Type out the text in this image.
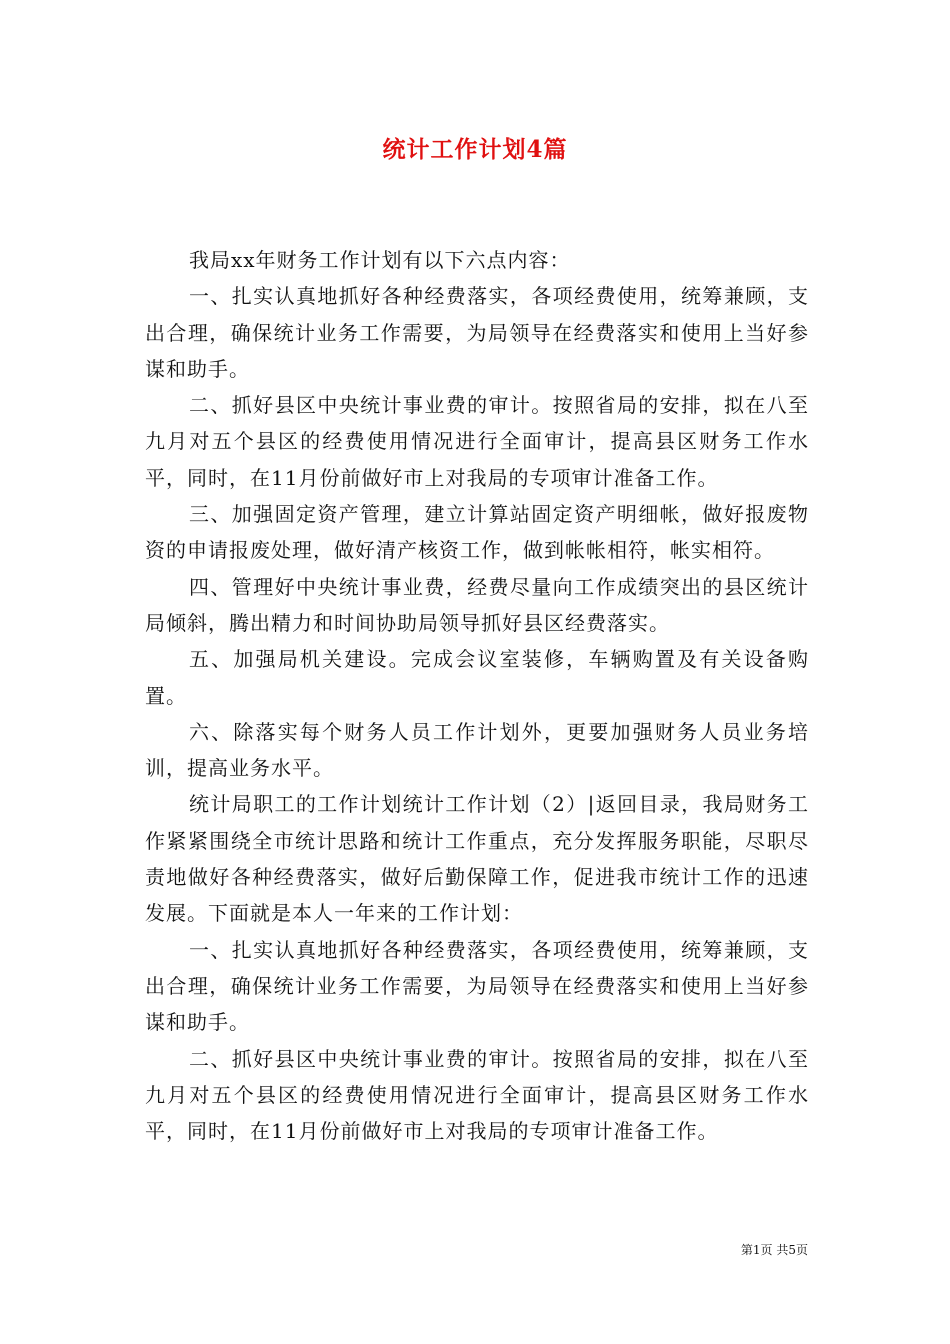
统计工作计划4篇

我局xx年财务工作计划有以下六点内容：

一、扎实认真地抓好各种经费落实，各项经费使用，统筹兼顾，支出合理，确保统计业务工作需要，为局领导在经费落实和使用上当好参谋和助手。

二、抓好县区中央统计事业费的审计。按照省局的安排，拟在八至九月对五个县区的经费使用情况进行全面审计，提高县区财务工作水平，同时，在11月份前做好市上对我局的专项审计准备工作。

三、加强固定资产管理，建立计算站固定资产明细帐，做好报废物资的申请报废处理，做好清产核资工作，做到帐帐相符，帐实相符。

四、管理好中央统计事业费，经费尽量向工作成绩突出的县区统计局倾斜，腾出精力和时间协助局领导抓好县区经费落实。

五、加强局机关建设。完成会议室装修，车辆购置及有关设备购置。

六、除落实每个财务人员工作计划外，更要加强财务人员业务培训，提高业务水平。

统计局职工的工作计划统计工作计划（2）|返回目录，我局财务工作紧紧围绕全市统计思路和统计工作重点，充分发挥服务职能，尽职尽责地做好各种经费落实，做好后勤保障工作，促进我市统计工作的迅速发展。下面就是本人一年来的工作计划：

一、扎实认真地抓好各种经费落实，各项经费使用，统筹兼顾，支出合理，确保统计业务工作需要，为局领导在经费落实和使用上当好参谋和助手。

二、抓好县区中央统计事业费的审计。按照省局的安排，拟在八至九月对五个县区的经费使用情况进行全面审计，提高县区财务工作水平，同时，在11月份前做好市上对我局的专项审计准备工作。

第1页 共5页
